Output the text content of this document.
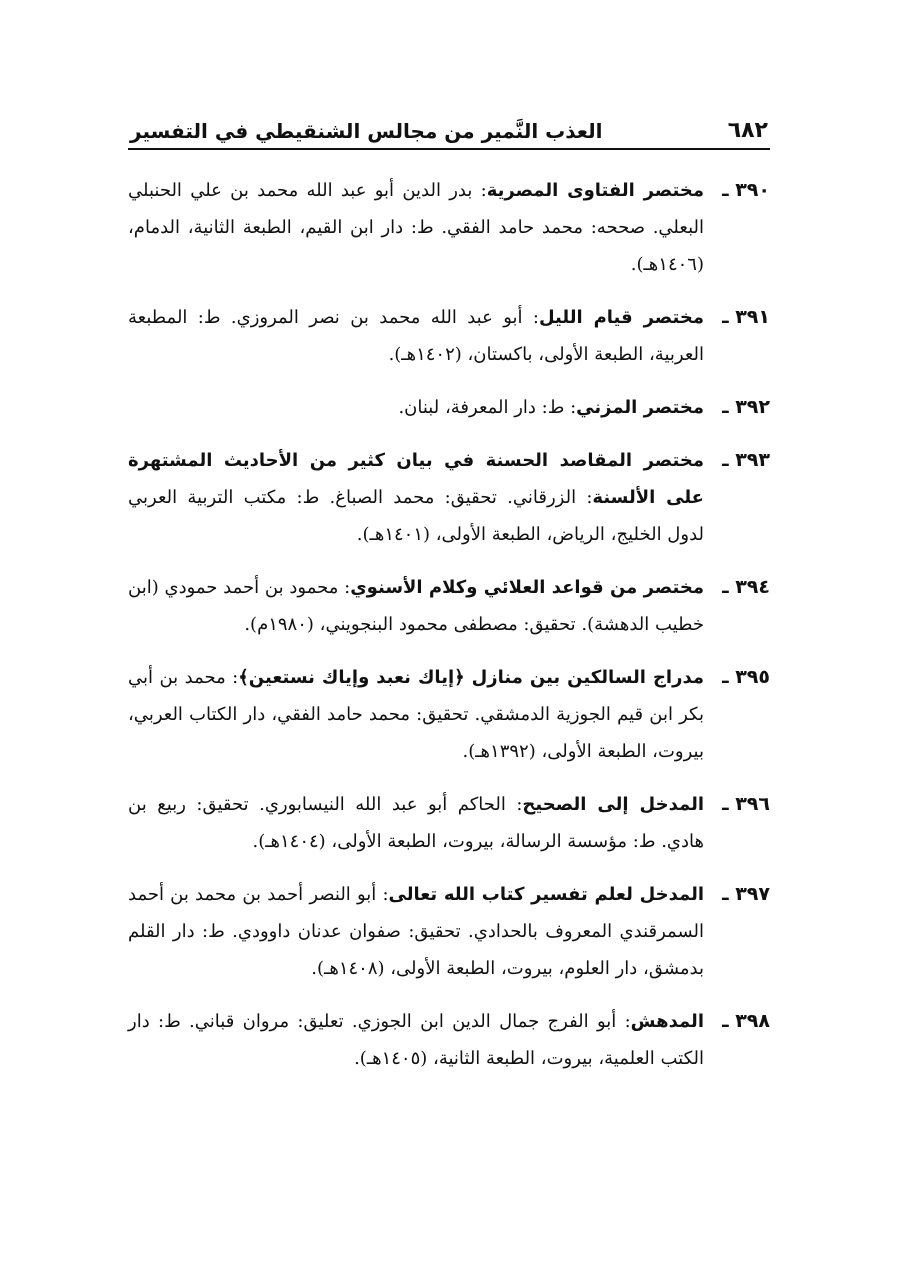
٦٨٢
العذب النَّمير من مجالس الشنقيطي في التفسير
٣٩٠ ـ
مختصر الفتاوى المصرية: بدر الدين أبو عبد الله محمد بن علي الحنبلي البعلي. صححه: محمد حامد الفقي. ط: دار ابن القيم، الطبعة الثانية، الدمام، (١٤٠٦هـ).
٣٩١ ـ
مختصر قيام الليل: أبو عبد الله محمد بن نصر المروزي. ط: المطبعة العربية، الطبعة الأولى، باكستان، (١٤٠٢هـ).
٣٩٢ ـ
مختصر المزني: ط: دار المعرفة، لبنان.
٣٩٣ ـ
مختصر المقاصد الحسنة في بيان كثير من الأحاديث المشتهرة على الألسنة: الزرقاني. تحقيق: محمد الصباغ. ط: مكتب التربية العربي لدول الخليج، الرياض، الطبعة الأولى، (١٤٠١هـ).
٣٩٤ ـ
مختصر من قواعد العلائي وكلام الأسنوي: محمود بن أحمد حمودي (ابن خطيب الدهشة). تحقيق: مصطفى محمود البنجويني، (١٩٨٠م).
٣٩٥ ـ
مدراج السالكين بين منازل ﴿إياك نعبد وإياك نستعين﴾: محمد بن أبي بكر ابن قيم الجوزية الدمشقي. تحقيق: محمد حامد الفقي، دار الكتاب العربي، بيروت، الطبعة الأولى، (١٣٩٢هـ).
٣٩٦ ـ
المدخل إلى الصحيح: الحاكم أبو عبد الله النيسابوري. تحقيق: ربيع بن هادي. ط: مؤسسة الرسالة، بيروت، الطبعة الأولى، (١٤٠٤هـ).
٣٩٧ ـ
المدخل لعلم تفسير كتاب الله تعالى: أبو النصر أحمد بن محمد بن أحمد السمرقندي المعروف بالحدادي. تحقيق: صفوان عدنان داوودي. ط: دار القلم بدمشق، دار العلوم، بيروت، الطبعة الأولى، (١٤٠٨هـ).
٣٩٨ ـ
المدهش: أبو الفرج جمال الدين ابن الجوزي. تعليق: مروان قباني. ط: دار الكتب العلمية، بيروت، الطبعة الثانية، (١٤٠٥هـ).
